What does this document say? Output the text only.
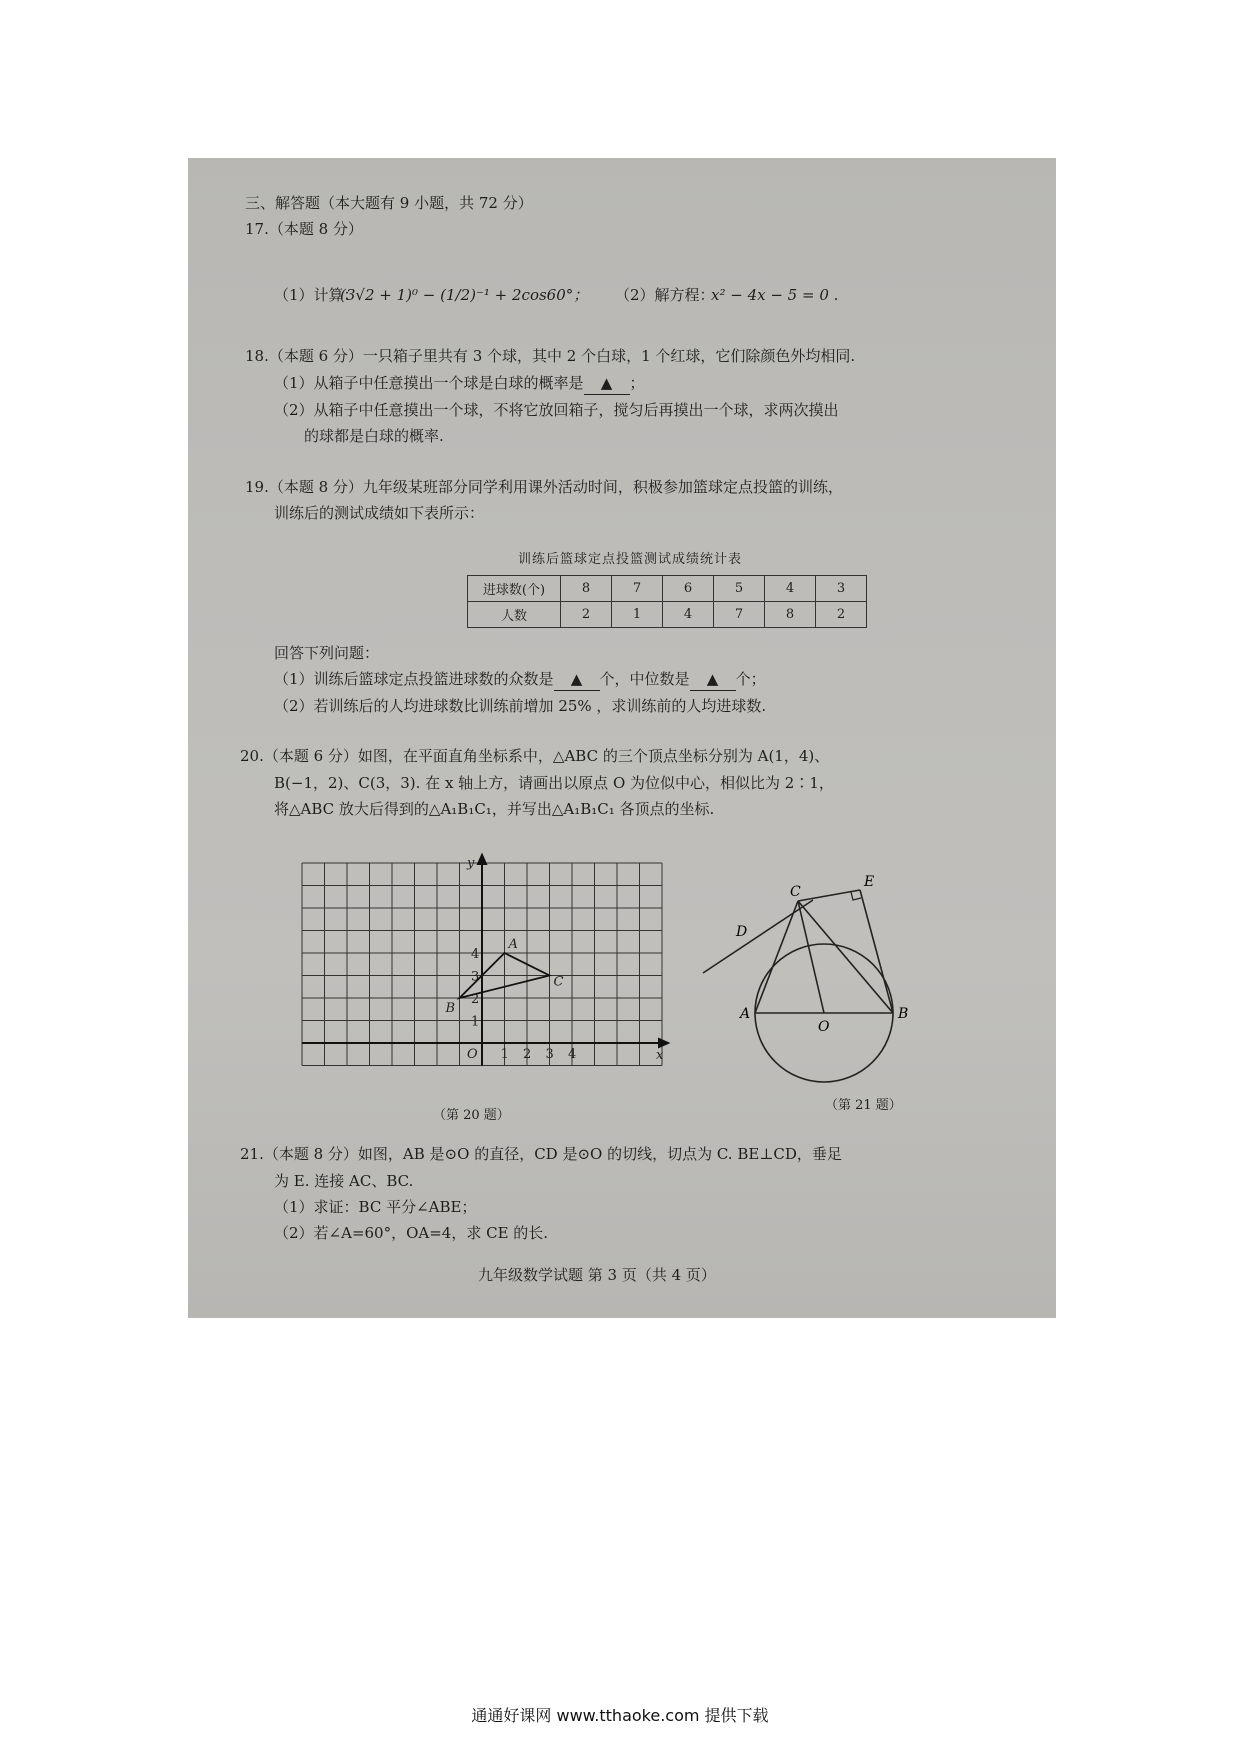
三、解答题（本大题有 9 小题，共 72 分）
17.（本题 8 分）
（1）计算：
(3√2 + 1)⁰ − (1/2)⁻¹ + 2cos60°； （2）解方程：
x² − 4x − 5 = 0 .
18.（本题 6 分）一只箱子里共有 3 个球，其中 2 个白球，1 个红球，它们除颜色外均相同.
（1）从箱子中任意摸出一个球是白球的概率是 ▲ ；
（2）从箱子中任意摸出一个球，不将它放回箱子，搅匀后再摸出一个球，求两次摸出
的球都是白球的概率.
19.（本题 8 分）九年级某班部分同学利用课外活动时间，积极参加篮球定点投篮的训练，
训练后的测试成绩如下表所示：
训练后篮球定点投篮测试成绩统计表
进球数(个)	8	7	6	5	4	3
人数	2	1	4	7	8	2
回答下列问题：
（1）训练后篮球定点投篮进球数的众数是 ▲ 个，中位数是 ▲ 个；
（2）若训练后的人均进球数比训练前增加 25% ，求训练前的人均进球数.
20.（本题 6 分）如图，在平面直角坐标系中，△ABC 的三个顶点坐标分别为 A(1，4)、
B(−1，2)、C(3，3). 在 x 轴上方，请画出以原点 O 为位似中心，相似比为 2∶1，
将△ABC 放大后得到的△A₁B₁C₁，并写出△A₁B₁C₁ 各顶点的坐标.
1 2 3 4
1
2
3
4
O	x
y
A
B
C
（第 20 题）
C
E
D
A
O
B
（第 21 题）
21.（本题 8 分）如图，AB 是⊙O 的直径，CD 是⊙O 的切线，切点为 C. BE⊥CD，垂足
为 E. 连接 AC、BC.
（1）求证：BC 平分∠ABE；
（2）若∠A=60°，OA=4，求 CE 的长.
九年级数学试题 第 3 页（共 4 页）
通通好课网 www.tthaoke.com 提供下载
